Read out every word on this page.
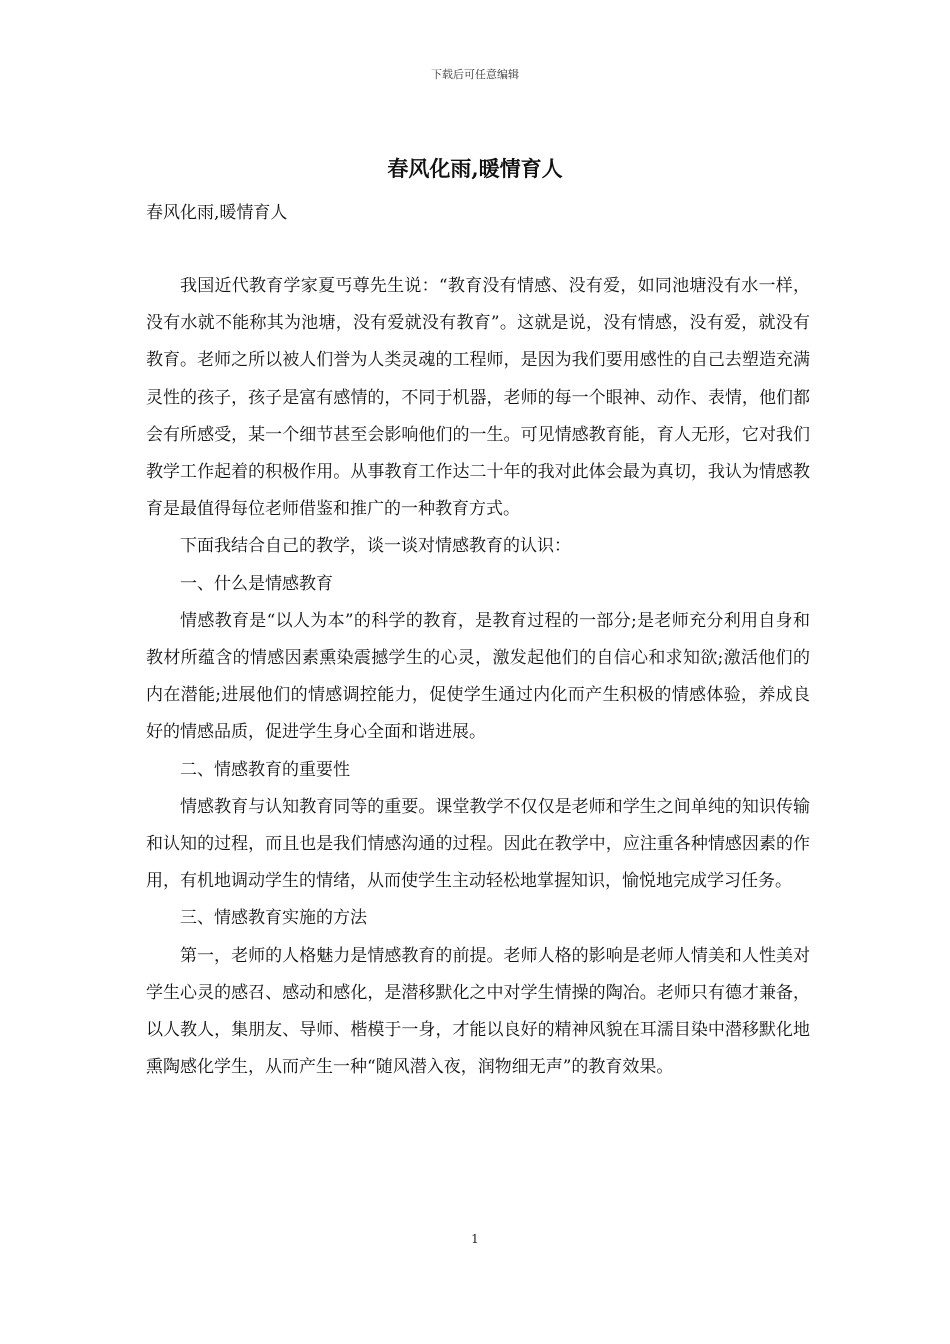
下载后可任意编辑
春风化雨,暖情育人
春风化雨,暖情育人

我国近代教育学家夏丐尊先生说：“教育没有情感、没有爱，如同池塘没有水一样，没有水就不能称其为池塘，没有爱就没有教育”。这就是说，没有情感，没有爱，就没有教育。老师之所以被人们誉为人类灵魂的工程师，是因为我们要用感性的自己去塑造充满灵性的孩子，孩子是富有感情的，不同于机器，老师的每一个眼神、动作、表情，他们都会有所感受，某一个细节甚至会影响他们的一生。可见情感教育能，育人无形，它对我们教学工作起着的积极作用。从事教育工作达二十年的我对此体会最为真切，我认为情感教育是最值得每位老师借鉴和推广的一种教育方式。

下面我结合自己的教学，谈一谈对情感教育的认识：

一、什么是情感教育

情感教育是“以人为本”的科学的教育，是教育过程的一部分;是老师充分利用自身和教材所蕴含的情感因素熏染震撼学生的心灵，激发起他们的自信心和求知欲;激活他们的内在潜能;进展他们的情感调控能力，促使学生通过内化而产生积极的情感体验，养成良好的情感品质，促进学生身心全面和谐进展。

二、情感教育的重要性

情感教育与认知教育同等的重要。课堂教学不仅仅是老师和学生之间单纯的知识传输和认知的过程，而且也是我们情感沟通的过程。因此在教学中，应注重各种情感因素的作用，有机地调动学生的情绪，从而使学生主动轻松地掌握知识，愉悦地完成学习任务。

三、情感教育实施的方法

第一，老师的人格魅力是情感教育的前提。老师人格的影响是老师人情美和人性美对学生心灵的感召、感动和感化，是潜移默化之中对学生情操的陶冶。老师只有德才兼备，以人教人，集朋友、导师、楷模于一身，才能以良好的精神风貌在耳濡目染中潜移默化地熏陶感化学生，从而产生一种“随风潜入夜，润物细无声”的教育效果。

1
